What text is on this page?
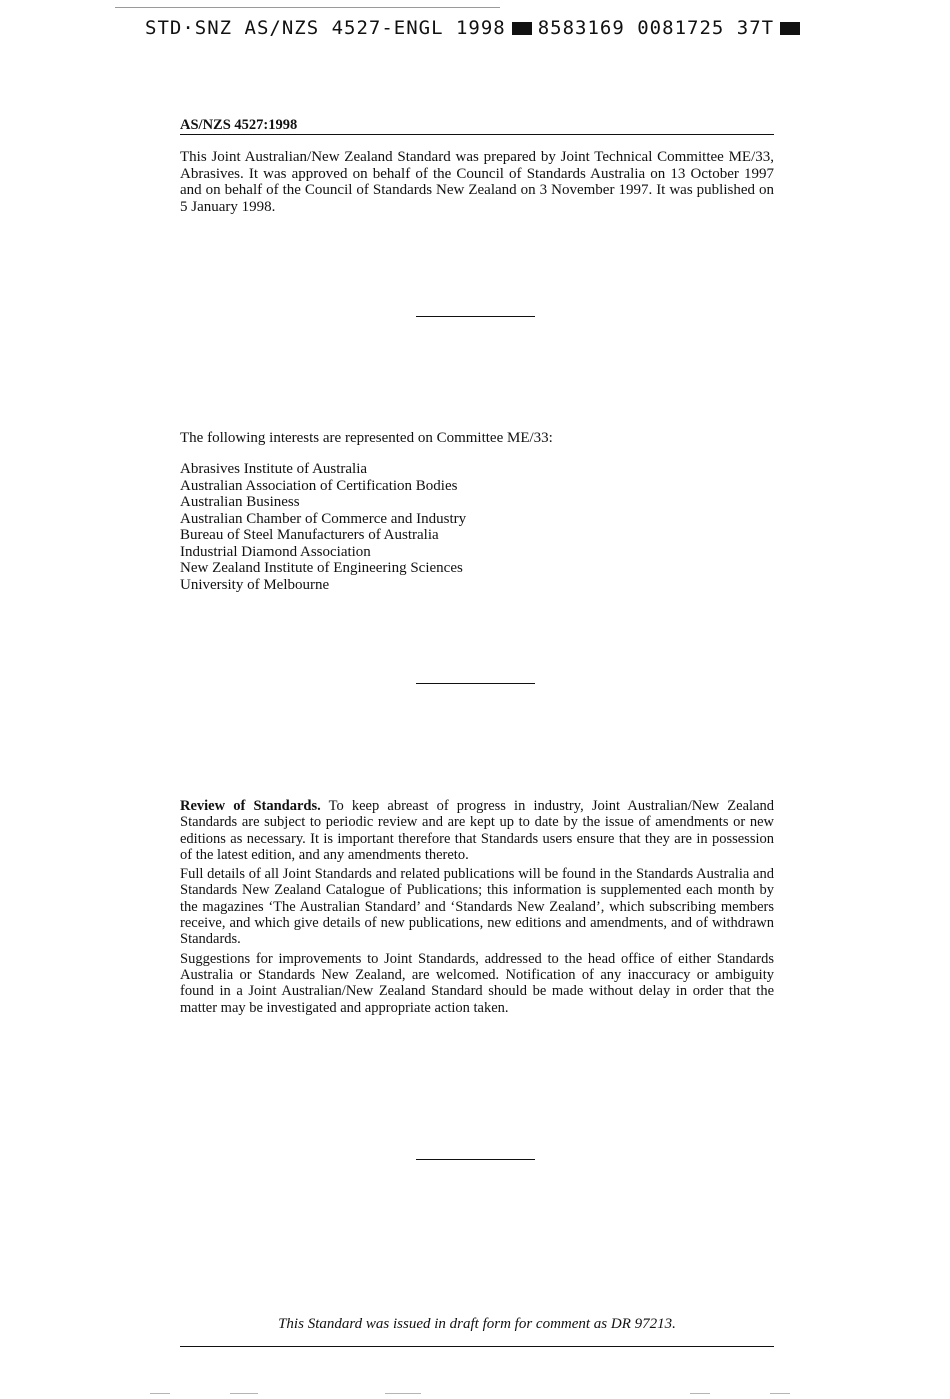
STD·SNZ AS/NZS 4527-ENGL 1998 8583169 0081725 37T
AS/NZS 4527:1998
This Joint Australian/New Zealand Standard was prepared by Joint Technical Committee ME/33, Abrasives. It was approved on behalf of the Council of Standards Australia on 13 October 1997 and on behalf of the Council of Standards New Zealand on 3 November 1997. It was published on 5 January 1998.
The following interests are represented on Committee ME/33:
Abrasives Institute of Australia
Australian Association of Certification Bodies
Australian Business
Australian Chamber of Commerce and Industry
Bureau of Steel Manufacturers of Australia
Industrial Diamond Association
New Zealand Institute of Engineering Sciences
University of Melbourne

Review of Standards. To keep abreast of progress in industry, Joint Australian/New Zealand Standards are subject to periodic review and are kept up to date by the issue of amendments or new editions as necessary. It is important therefore that Standards users ensure that they are in possession of the latest edition, and any amendments thereto.

Full details of all Joint Standards and related publications will be found in the Standards Australia and Standards New Zealand Catalogue of Publications; this information is supplemented each month by the magazines ‘The Australian Standard’ and ‘Standards New Zealand’, which subscribing members receive, and which give details of new publications, new editions and amendments, and of withdrawn Standards.

Suggestions for improvements to Joint Standards, addressed to the head office of either Standards Australia or Standards New Zealand, are welcomed. Notification of any inaccuracy or ambiguity found in a Joint Australian/New Zealand Standard should be made without delay in order that the matter may be investigated and appropriate action taken.

This Standard was issued in draft form for comment as DR 97213.
